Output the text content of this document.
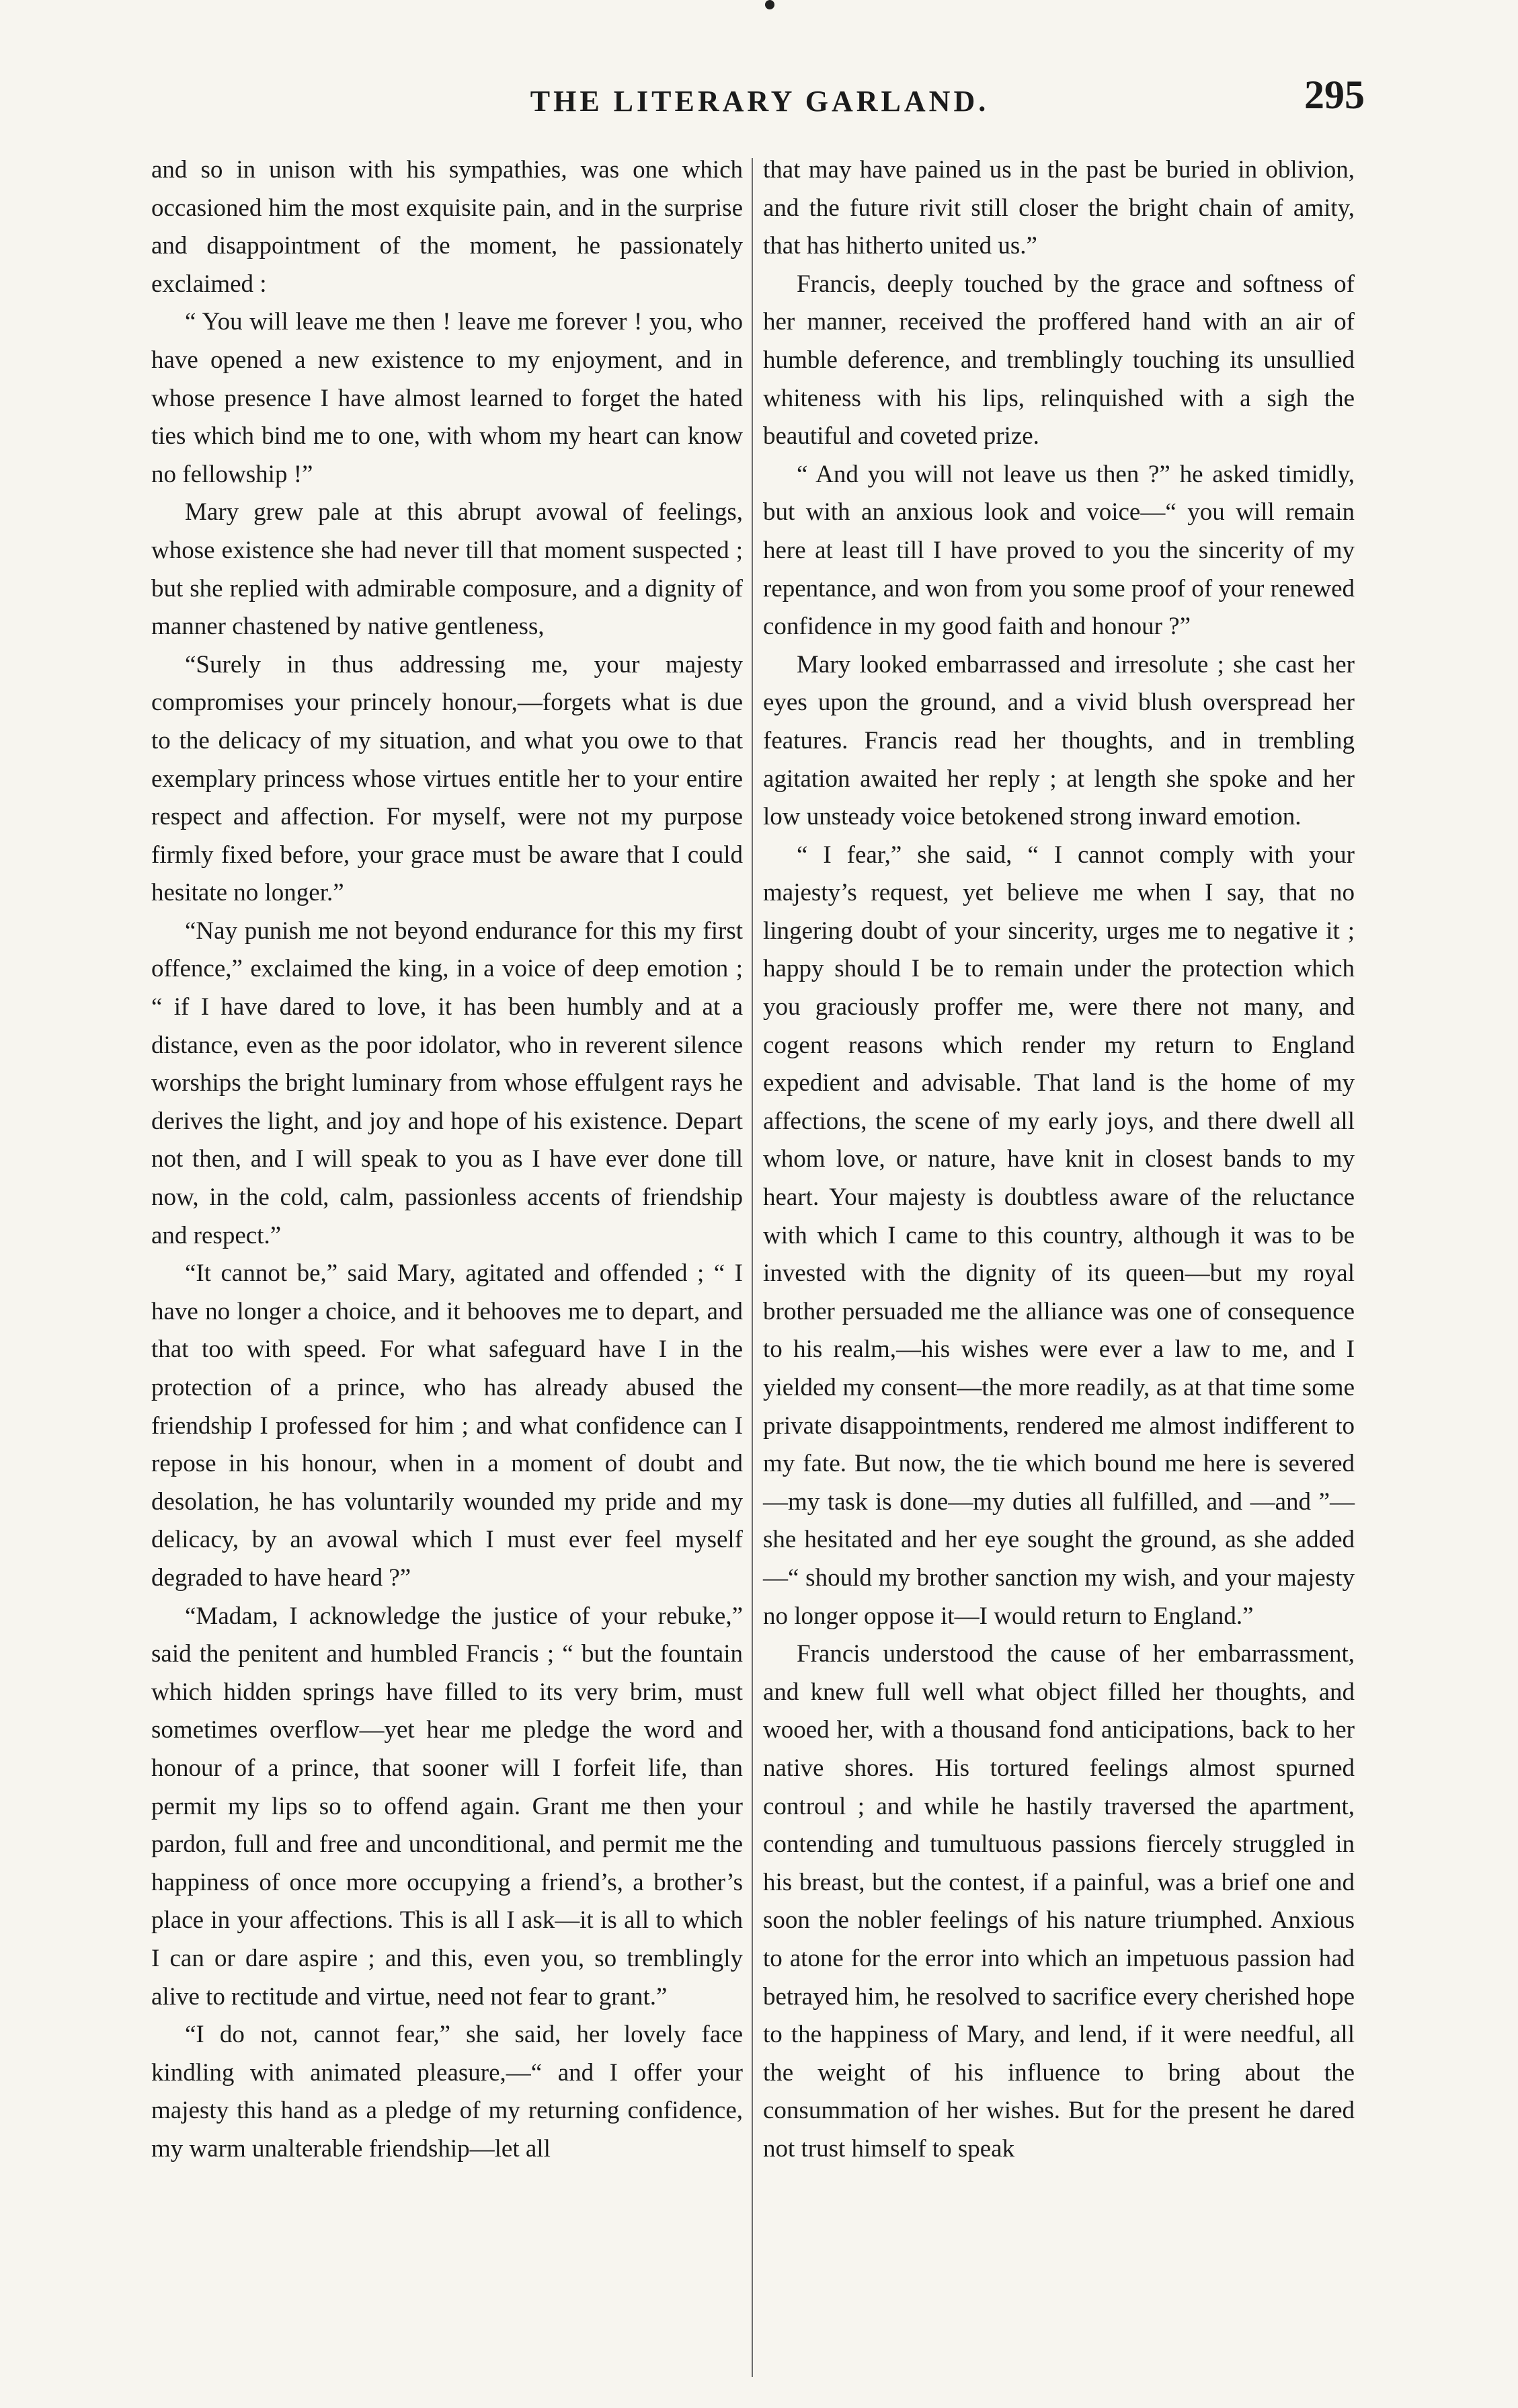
THE LITERARY GARLAND.	295

and so in unison with his sympathies, was one which occasioned him the most exquisite pain, and in the surprise and disappointment of the moment, he passionately exclaimed :

“ You will leave me then ! leave me forever ! you, who have opened a new existence to my enjoyment, and in whose presence I have almost learned to forget the hated ties which bind me to one, with whom my heart can know no fellowship !”

Mary grew pale at this abrupt avowal of feelings, whose existence she had never till that moment suspected ; but she replied with admirable composure, and a dignity of manner chastened by native gentleness,

“Surely in thus addressing me, your majesty compromises your princely honour,—forgets what is due to the delicacy of my situation, and what you owe to that exemplary princess whose virtues entitle her to your entire respect and affection. For myself, were not my purpose firmly fixed before, your grace must be aware that I could hesitate no longer.”

“Nay punish me not beyond endurance for this my first offence,” exclaimed the king, in a voice of deep emotion ; “ if I have dared to love, it has been humbly and at a distance, even as the poor idolator, who in reverent silence worships the bright luminary from whose effulgent rays he derives the light, and joy and hope of his existence. Depart not then, and I will speak to you as I have ever done till now, in the cold, calm, passionless accents of friendship and respect.”

“It cannot be,” said Mary, agitated and offended ; “ I have no longer a choice, and it behooves me to depart, and that too with speed. For what safeguard have I in the protection of a prince, who has already abused the friendship I professed for him ; and what confidence can I repose in his honour, when in a moment of doubt and desolation, he has voluntarily wounded my pride and my delicacy, by an avowal which I must ever feel myself degraded to have heard ?”

“Madam, I acknowledge the justice of your rebuke,” said the penitent and humbled Francis ; “ but the fountain which hidden springs have filled to its very brim, must sometimes overflow—yet hear me pledge the word and honour of a prince, that sooner will I forfeit life, than permit my lips so to offend again. Grant me then your pardon, full and free and unconditional, and permit me the happiness of once more occupying a friend’s, a brother’s place in your affections. This is all I ask—it is all to which I can or dare aspire ; and this, even you, so tremblingly alive to rectitude and virtue, need not fear to grant.”

“I do not, cannot fear,” she said, her lovely face kindling with animated pleasure,—“ and I offer your majesty this hand as a pledge of my returning confidence, my warm unalterable friendship—let all

that may have pained us in the past be buried in oblivion, and the future rivit still closer the bright chain of amity, that has hitherto united us.”

Francis, deeply touched by the grace and softness of her manner, received the proffered hand with an air of humble deference, and tremblingly touching its unsullied whiteness with his lips, relinquished with a sigh the beautiful and coveted prize.

“ And you will not leave us then ?” he asked timidly, but with an anxious look and voice—“ you will remain here at least till I have proved to you the sincerity of my repentance, and won from you some proof of your renewed confidence in my good faith and honour ?”

Mary looked embarrassed and irresolute ; she cast her eyes upon the ground, and a vivid blush overspread her features. Francis read her thoughts, and in trembling agitation awaited her reply ; at length she spoke and her low unsteady voice betokened strong inward emotion.

“ I fear,” she said, “ I cannot comply with your majesty’s request, yet believe me when I say, that no lingering doubt of your sincerity, urges me to negative it ; happy should I be to remain under the protection which you graciously proffer me, were there not many, and cogent reasons which render my return to England expedient and advisable. That land is the home of my affections, the scene of my early joys, and there dwell all whom love, or nature, have knit in closest bands to my heart. Your majesty is doubtless aware of the reluctance with which I came to this country, although it was to be invested with the dignity of its queen—but my royal brother persuaded me the alliance was one of consequence to his realm,—his wishes were ever a law to me, and I yielded my consent—the more readily, as at that time some private disappointments, rendered me almost indifferent to my fate. But now, the tie which bound me here is severed—my task is done—my duties all fulfilled, and —and ”—she hesitated and her eye sought the ground, as she added—“ should my brother sanction my wish, and your majesty no longer oppose it—I would return to England.”

Francis understood the cause of her embarrassment, and knew full well what object filled her thoughts, and wooed her, with a thousand fond anticipations, back to her native shores. His tortured feelings almost spurned controul ; and while he hastily traversed the apartment, contending and tumultuous passions fiercely struggled in his breast, but the contest, if a painful, was a brief one and soon the nobler feelings of his nature triumphed. Anxious to atone for the error into which an impetuous passion had betrayed him, he resolved to sacrifice every cherished hope to the happiness of Mary, and lend, if it were needful, all the weight of his influence to bring about the consummation of her wishes. But for the present he dared not trust himself to speak
